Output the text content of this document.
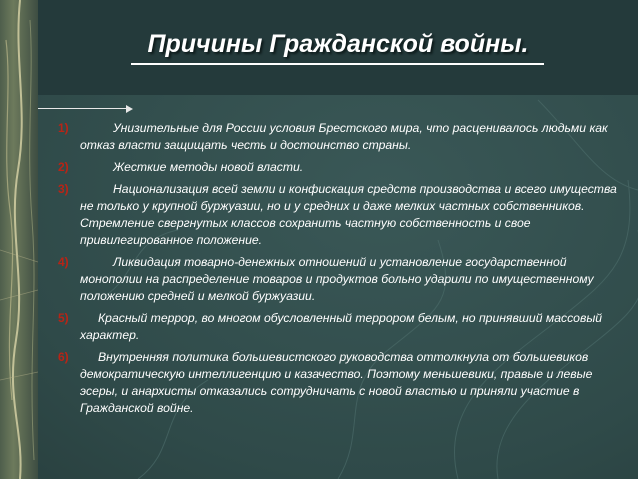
Причины Гражданской войны.
1)	Унизительные для России условия Брестского мира, что расценивалось людьми как отказ власти защищать честь и достоинство страны.
2)	Жесткие методы новой власти.
3)	Национализация всей земли и конфискация средств производства и всего имущества не только у крупной буржуазии, но и у средних и даже мелких частных собственников. Стремление свергнутых классов сохранить частную собственность и свое привилегированное положение.
4)	Ликвидация товарно-денежных отношений и установление государственной монополии на распределение товаров и продуктов больно ударили по имущественному положению средней и мелкой буржуазии.
5)	Красный террор, во многом обусловленный террором белым, но принявший массовый характер.
6)	Внутренняя политика большевистского руководства оттолкнула от большевиков демократическую интеллигенцию и казачество. Поэтому меньшевики, правые и левые эсеры, и анархисты отказались сотрудничать с новой властью и приняли участие в Гражданской войне.
